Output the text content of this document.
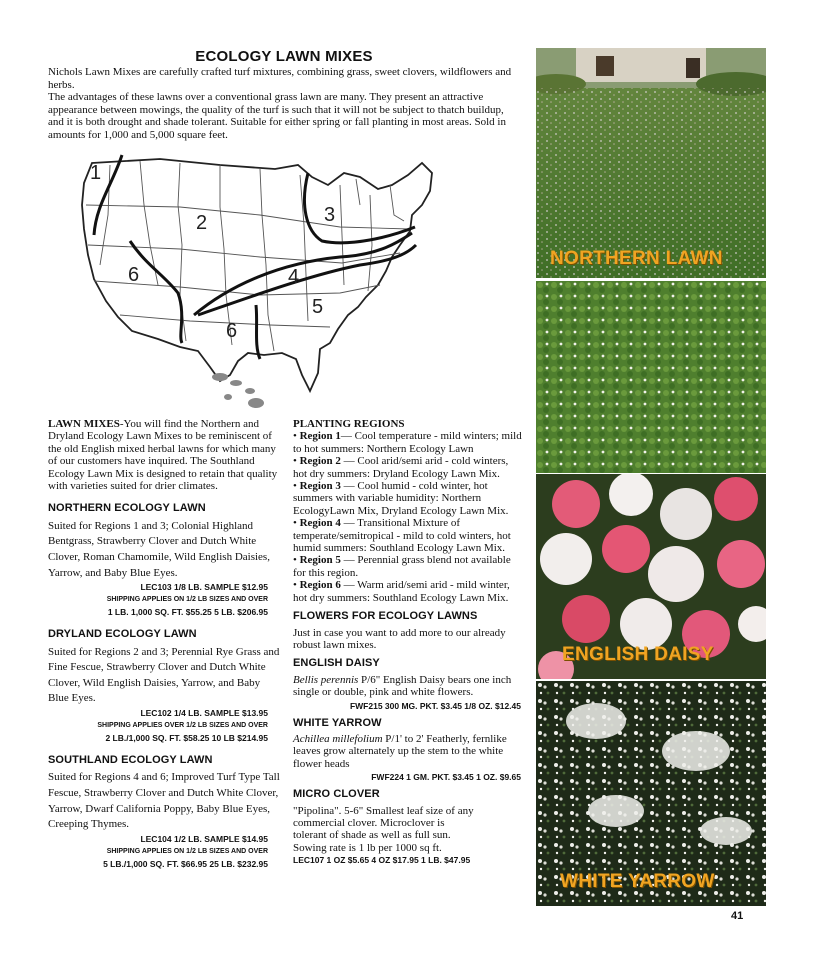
ECOLOGY LAWN MIXES

Nichols Lawn Mixes are carefully crafted turf mixtures, combining grass, sweet clovers, wildflowers and herbs.

The advantages of these lawns over a conventional grass lawn are many. They present an attractive appearance between mowings, the quality of the turf is such that it will not be subject to thatch buildup, and it is both drought and shade tolerant. Suitable for either spring or fall planting in most areas. Sold in amounts for 1,000 and 5,000 square feet.

1
2	3
4
5
6
6

LAWN MIXES-You will find the Northern and Dryland Ecology Lawn Mixes to be reminiscent of the old English mixed herbal lawns for which many of our customers have inquired. The Southland Ecology Lawn Mix is designed to retain that quality with varieties suited for drier climates.

NORTHERN ECOLOGY LAWN

Suited for Regions 1 and 3; Colonial Highland Bentgrass, Strawberry Clover and Dutch White Clover, Roman Chamomile, Wild English Daisies, Yarrow, and Baby Blue Eyes.

LEC103 1/8 LB. SAMPLE $12.95
SHIPPING APPLIES ON 1/2 LB SIZES AND OVER
1 LB. 1,000 SQ. FT. $55.25 5 LB. $206.95
DRYLAND ECOLOGY LAWN

Suited for Regions 2 and 3; Perennial Rye Grass and Fine Fescue, Strawberry Clover and Dutch White Clover, Wild English Daisies, Yarrow, and Baby Blue Eyes.

LEC102 1/4 LB. SAMPLE $13.95
SHIPPING APPLIES OVER 1/2 LB SIZES AND OVER
2 LB./1,000 SQ. FT. $58.25 10 LB $214.95
SOUTHLAND ECOLOGY LAWN

Suited for Regions 4 and 6; Improved Turf Type Tall Fescue, Strawberry Clover and Dutch White Clover, Yarrow, Dwarf California Poppy, Baby Blue Eyes, Creeping Thymes.

LEC104 1/2 LB. SAMPLE $14.95
SHIPPING APPLIES ON 1/2 LB SIZES AND OVER
5 LB./1,000 SQ. FT. $66.95 25 LB. $232.95

PLANTING REGIONS

• Region 1— Cool temperature - mild winters; mild to hot summers: Northern Ecology Lawn

• Region 2 — Cool arid/semi arid - cold winters, hot dry summers: Dryland Ecology Lawn Mix.

• Region 3 — Cool humid - cold winter, hot summers with variable humidity: Northern EcologyLawn Mix, Dryland Ecology Lawn Mix.

• Region 4 — Transitional Mixture of temperate/semitropical - mild to cold winters, hot humid summers: Southland Ecology Lawn Mix.

• Region 5 — Perennial grass blend not available for this region.

• Region 6 — Warm arid/semi arid - mild winter, hot dry summers: Southland Ecology Lawn Mix.

FLOWERS FOR ECOLOGY LAWNS

Just in case you want to add more to our already robust lawn mixes.

ENGLISH DAISY

Bellis perennis P/6" English Daisy bears one inch single or double, pink and white flowers.

FWF215 300 MG. PKT. $3.45 1/8 OZ. $12.45
WHITE YARROW

Achillea millefolium P/1' to 2' Featherly, fernlike leaves grow alternately up the stem to the white flower heads

FWF224 1 GM. PKT. $3.45 1 OZ. $9.65
MICRO CLOVER

"Pipolina". 5-6" Smallest leaf size of any commercial clover. Microclover is tolerant of shade as well as full sun. Sowing rate is 1 lb per 1000 sq ft.

LEC107 1 OZ $5.65 4 OZ $17.95 1 LB. $47.95
NORTHERN LAWN
ENGLISH DAISY
WHITE YARROW
41
